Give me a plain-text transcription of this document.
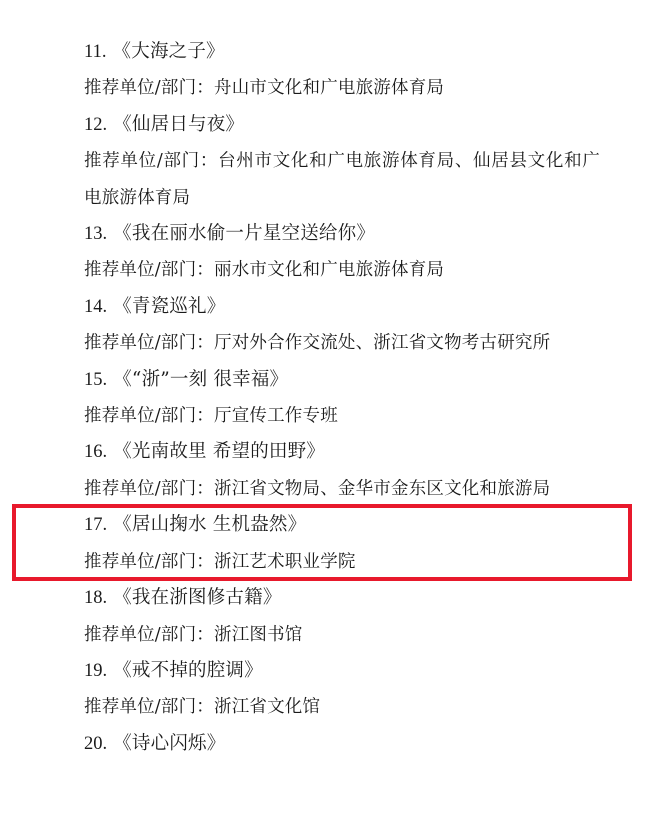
11. 《大海之子》
推荐单位/部门：舟山市文化和广电旅游体育局
12. 《仙居日与夜》
推荐单位/部门：台州市文化和广电旅游体育局、仙居县文化和广电旅游体育局
13. 《我在丽水偷一片星空送给你》
推荐单位/部门：丽水市文化和广电旅游体育局
14. 《青瓷巡礼》
推荐单位/部门：厅对外合作交流处、浙江省文物考古研究所
15. 《“浙”一刻 很幸福》
推荐单位/部门：厅宣传工作专班
16. 《光南故里 希望的田野》
推荐单位/部门：浙江省文物局、金华市金东区文化和旅游局
17. 《居山掬水 生机盎然》
推荐单位/部门：浙江艺术职业学院
18. 《我在浙图修古籍》
推荐单位/部门：浙江图书馆
19. 《戒不掉的腔调》
推荐单位/部门：浙江省文化馆
20. 《诗心闪烁》
